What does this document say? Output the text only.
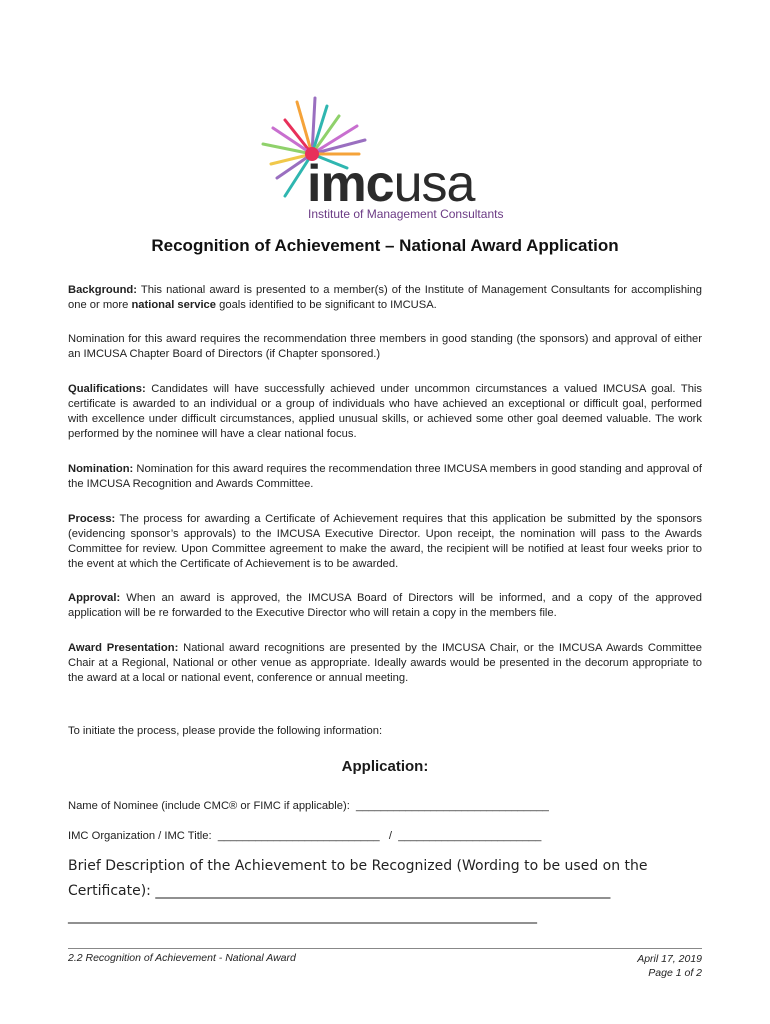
imcusa
Institute of Management Consultants
Recognition of Achievement – National Award Application
Background: This national award is presented to a member(s) of the Institute of Management Consultants for accomplishing one or more national service goals identified to be significant to IMCUSA.
Nomination for this award requires the recommendation three members in good standing (the sponsors) and approval of either an IMCUSA Chapter Board of Directors (if Chapter sponsored.)
Qualifications: Candidates will have successfully achieved under uncommon circumstances a valued IMCUSA goal. This certificate is awarded to an individual or a group of individuals who have achieved an exceptional or difficult goal, performed with excellence under difficult circumstances, applied unusual skills, or achieved some other goal deemed valuable. The work performed by the nominee will have a clear national focus.
Nomination: Nomination for this award requires the recommendation three IMCUSA members in good standing and approval of the IMCUSA Recognition and Awards Committee.
Process: The process for awarding a Certificate of Achievement requires that this application be submitted by the sponsors (evidencing sponsor’s approvals) to the IMCUSA Executive Director. Upon receipt, the nomination will pass to the Awards Committee for review. Upon Committee agreement to make the award, the recipient will be notified at least four weeks prior to the event at which the Certificate of Achievement is to be awarded.
Approval: When an award is approved, the IMCUSA Board of Directors will be informed, and a copy of the approved application will be re forwarded to the Executive Director who will retain a copy in the members file.
Award Presentation: National award recognitions are presented by the IMCUSA Chair, or the IMCUSA Awards Committee Chair at a Regional, National or other venue as appropriate. Ideally awards would be presented in the decorum appropriate to the award at a local or national event, conference or annual meeting.
To initiate the process, please provide the following information:
Application:
Name of Nominee (include CMC® or FIMC if applicable):  _______________________________
IMC Organization / IMC Title:  __________________________   /  _______________________
Brief Description of the Achievement to be Recognized (Wording to be used on the Certificate): _________________________________________________________________
___________________________________________________________________
2.2 Recognition of Achievement - National Award	April 17, 2019
Page 1 of 2
